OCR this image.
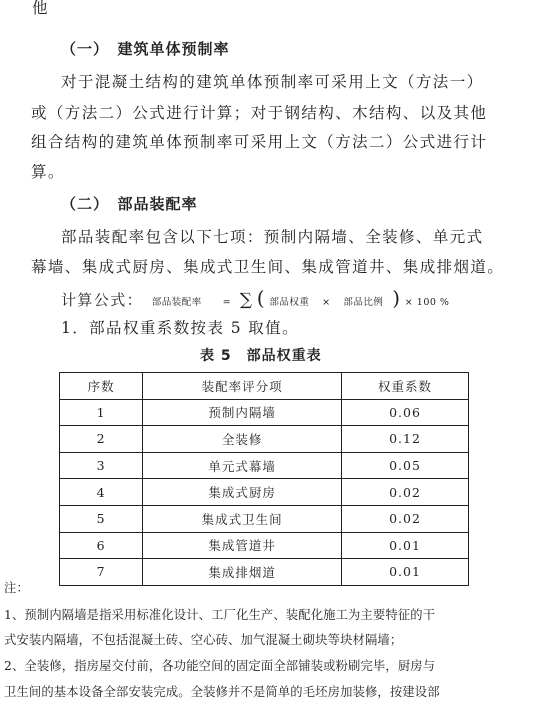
他
（一）　建筑单体预制率
对于混凝土结构的建筑单体预制率可采用上文（方法一）
或（方法二）公式进行计算；对于钢结构、木结构、以及其他
组合结构的建筑单体预制率可采用上文（方法二）公式进行计
算。
（二）　部品装配率
部品装配率包含以下七项：预制内隔墙、全装修、单元式
幕墙、集成式厨房、集成式卫生间、集成管道井、集成排烟道。
计算公式： 部品装配率 = ∑ ( 部品权重 × 部品比例 ) × 100 %
1．部品权重系数按表 5 取值。
表 5　部品权重表
序数	装配率评分项	权重系数
1	预制内隔墙	0.06
2	全装修	0.12
3	单元式幕墙	0.05
4	集成式厨房	0.02
5	集成式卫生间	0.02
6	集成管道井	0.01
7	集成排烟道	0.01
注：
1、预制内隔墙是指采用标准化设计、工厂化生产、装配化施工为主要特征的干
式安装内隔墙，不包括混凝土砖、空心砖、加气混凝土砌块等块材隔墙；
2、全装修，指房屋交付前，各功能空间的固定面全部铺装或粉刷完毕，厨房与
卫生间的基本设备全部安装完成。全装修并不是简单的毛坯房加装修，按建设部
